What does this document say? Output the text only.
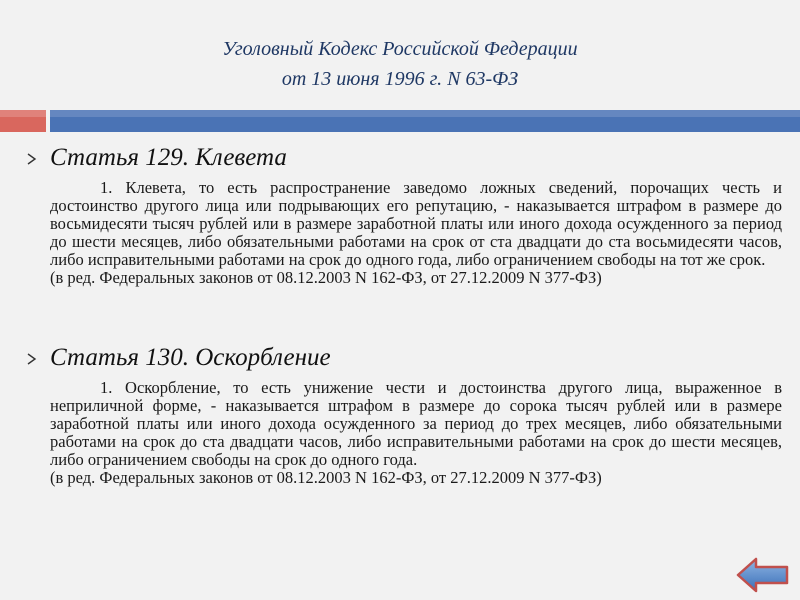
Уголовный Кодекс Российской Федерации
от 13 июня 1996 г. N 63-ФЗ
Статья 129. Клевета
1. Клевета, то есть распространение заведомо ложных сведений, порочащих честь и достоинство другого лица или подрывающих его репутацию, - наказывается штрафом в размере до восьмидесяти тысяч рублей или в размере заработной платы или иного дохода осужденного за период до шести месяцев, либо обязательными работами на срок от ста двадцати до ста восьмидесяти часов, либо исправительными работами на срок до одного года, либо ограничением свободы на тот же срок.
(в ред. Федеральных законов от 08.12.2003 N 162-ФЗ, от 27.12.2009 N 377-ФЗ)
Статья 130. Оскорбление
1. Оскорбление, то есть унижение чести и достоинства другого лица, выраженное в неприличной форме, - наказывается штрафом в размере до сорока тысяч рублей или в размере заработной платы или иного дохода осужденного за период до трех месяцев, либо обязательными работами на срок до ста двадцати часов, либо исправительными работами на срок до шести месяцев, либо ограничением свободы на срок до одного года.
(в ред. Федеральных законов от 08.12.2003 N 162-ФЗ, от 27.12.2009 N 377-ФЗ)
